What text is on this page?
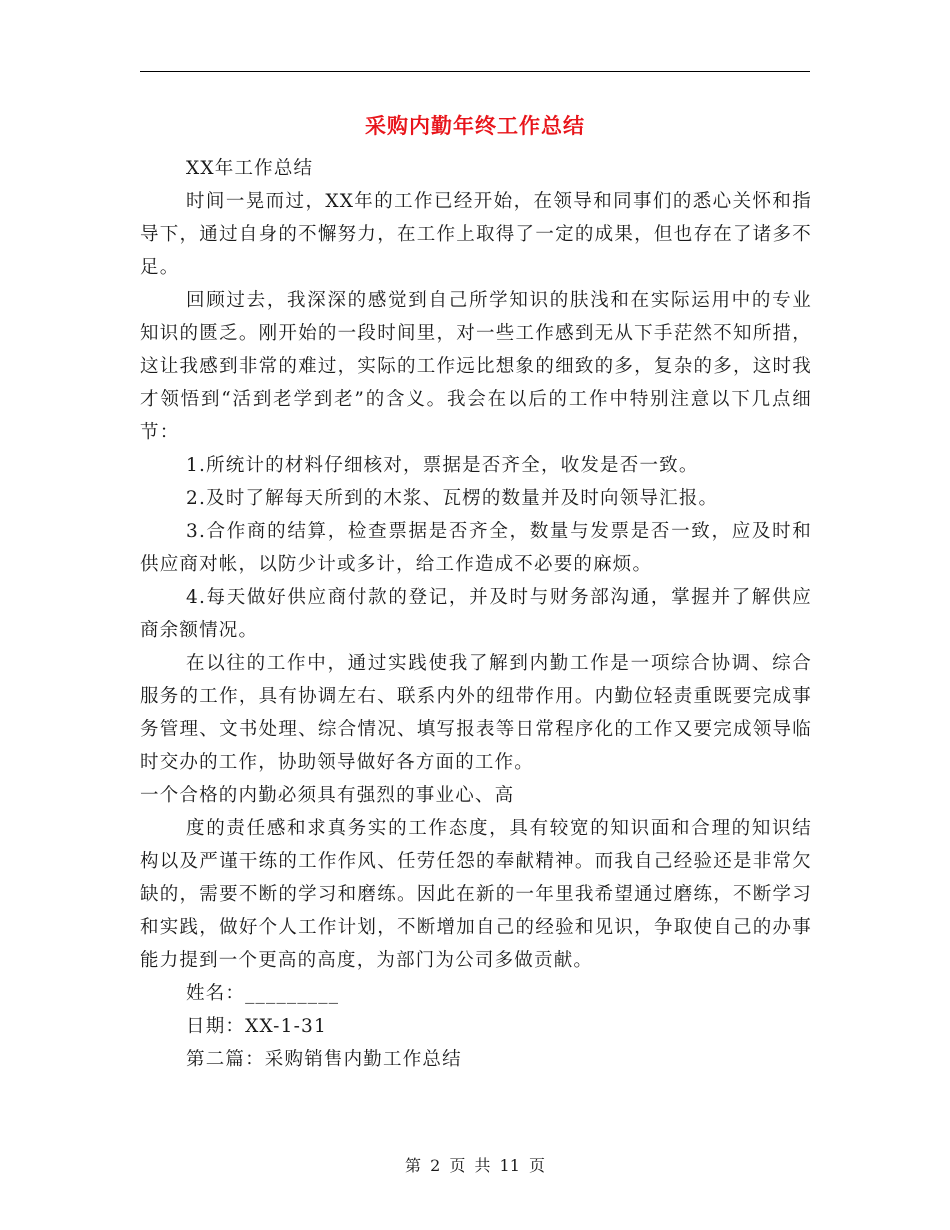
采购内勤年终工作总结

XX年工作总结

时间一晃而过，XX年的工作已经开始，在领导和同事们的悉心关怀和指导下，通过自身的不懈努力，在工作上取得了一定的成果，但也存在了诸多不足。

回顾过去，我深深的感觉到自己所学知识的肤浅和在实际运用中的专业知识的匮乏。刚开始的一段时间里，对一些工作感到无从下手茫然不知所措，这让我感到非常的难过，实际的工作远比想象的细致的多，复杂的多，这时我才领悟到“活到老学到老”的含义。我会在以后的工作中特别注意以下几点细节：

1.所统计的材料仔细核对，票据是否齐全，收发是否一致。

2.及时了解每天所到的木浆、瓦楞的数量并及时向领导汇报。

3.合作商的结算，检查票据是否齐全，数量与发票是否一致，应及时和供应商对帐，以防少计或多计，给工作造成不必要的麻烦。

4.每天做好供应商付款的登记，并及时与财务部沟通，掌握并了解供应商余额情况。

在以往的工作中，通过实践使我了解到内勤工作是一项综合协调、综合服务的工作，具有协调左右、联系内外的纽带作用。内勤位轻责重既要完成事务管理、文书处理、综合情况、填写报表等日常程序化的工作又要完成领导临时交办的工作，协助领导做好各方面的工作。

一个合格的内勤必须具有强烈的事业心、高

度的责任感和求真务实的工作态度，具有较宽的知识面和合理的知识结构以及严谨干练的工作作风、任劳任怨的奉献精神。而我自己经验还是非常欠缺的，需要不断的学习和磨练。因此在新的一年里我希望通过磨练，不断学习和实践，做好个人工作计划，不断增加自己的经验和见识，争取使自己的办事能力提到一个更高的高度，为部门为公司多做贡献。

姓名：_________

日期：XX-1-31

第二篇：采购销售内勤工作总结

第 2 页 共 11 页
